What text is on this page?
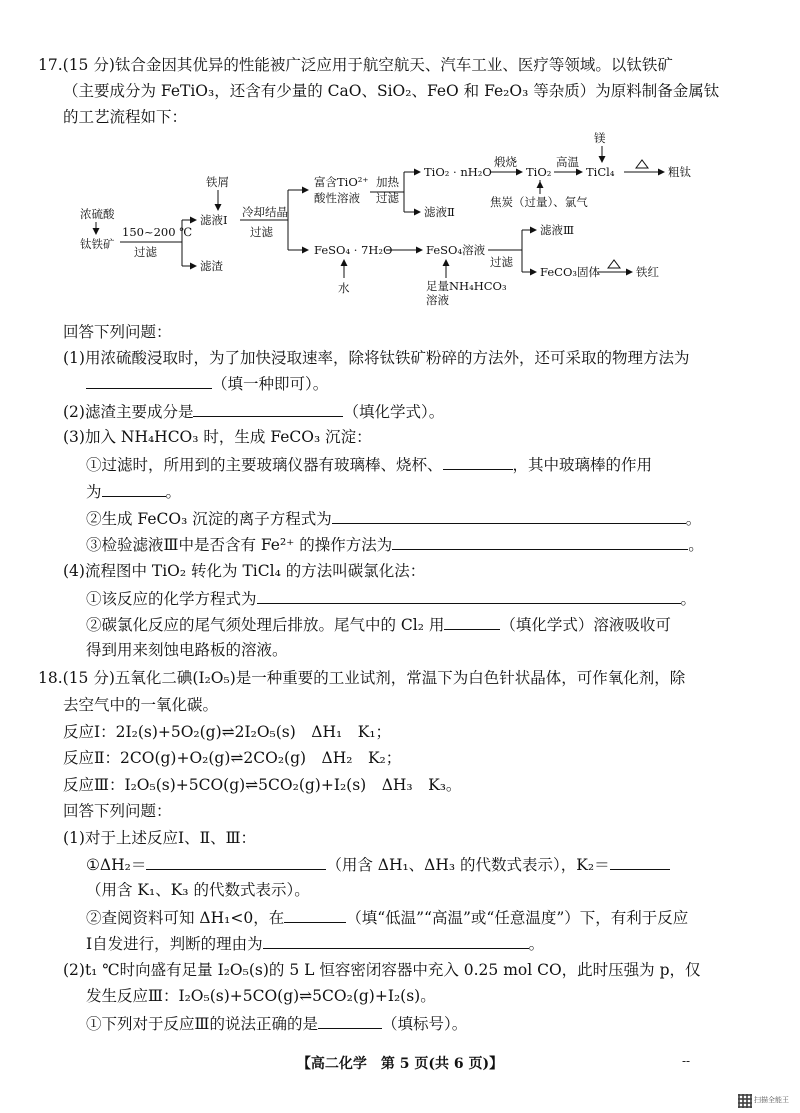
17.(15 分)钛合金因其优异的性能被广泛应用于航空航天、汽车工业、医疗等领域。以钛铁矿
（主要成分为 FeTiO₃，还含有少量的 CaO、SiO₂、FeO 和 Fe₂O₃ 等杂质）为原料制备金属钛
的工艺流程如下：
浓硫酸
钛铁矿
150~200 ℃
过滤
铁屑
滤液Ⅰ
滤渣
冷却结晶
过滤
富含TiO²⁺
酸性溶液
加热
过滤
TiO₂ · nH₂O
滤液Ⅱ
煅烧
TiO₂
高温
TiCl₄
焦炭（过量）、氯气
镁
粗钛
FeSO₄ · 7H₂O
水
FeSO₄溶液
足量NH₄HCO₃
溶液
过滤
滤液Ⅲ
FeCO₃固体	铁红
回答下列问题：
(1)用浓硫酸浸取时，为了加快浸取速率，除将钛铁矿粉碎的方法外，还可采取的物理方法为
（填一种即可）。
(2)滤渣主要成分是	（填化学式）。
(3)加入 NH₄HCO₃ 时，生成 FeCO₃ 沉淀：
①过滤时，所用到的主要玻璃仪器有玻璃棒、烧杯、	，其中玻璃棒的作用
为	。
②生成 FeCO₃ 沉淀的离子方程式为	。
③检验滤液Ⅲ中是否含有 Fe²⁺ 的操作方法为	。
(4)流程图中 TiO₂ 转化为 TiCl₄ 的方法叫碳氯化法：
①该反应的化学方程式为	。
②碳氯化反应的尾气须处理后排放。尾气中的 Cl₂ 用	（填化学式）溶液吸收可
得到用来刻蚀电路板的溶液。
18.(15 分)五氧化二碘(I₂O₅)是一种重要的工业试剂，常温下为白色针状晶体，可作氧化剂，除
去空气中的一氧化碳。
反应Ⅰ：2I₂(s)+5O₂(g)⇌2I₂O₅(s)　ΔH₁　K₁；
反应Ⅱ：2CO(g)+O₂(g)⇌2CO₂(g)　ΔH₂　K₂；
反应Ⅲ：I₂O₅(s)+5CO(g)⇌5CO₂(g)+I₂(s)　ΔH₃　K₃。
回答下列问题：
(1)对于上述反应Ⅰ、Ⅱ、Ⅲ：
①ΔH₂＝	（用含 ΔH₁、ΔH₃ 的代数式表示），K₂＝
（用含 K₁、K₃ 的代数式表示）。
②查阅资料可知 ΔH₁<0，在	（填“低温”“高温”或“任意温度”）下，有利于反应
Ⅰ自发进行，判断的理由为	。
(2)t₁ ℃时向盛有足量 I₂O₅(s)的 5 L 恒容密闭容器中充入 0.25 mol CO，此时压强为 p，仅
发生反应Ⅲ：I₂O₅(s)+5CO(g)⇌5CO₂(g)+I₂(s)。
①下列对于反应Ⅲ的说法正确的是	（填标号）。
【高二化学　第 5 页(共 6 页)】	--
扫描全能王
